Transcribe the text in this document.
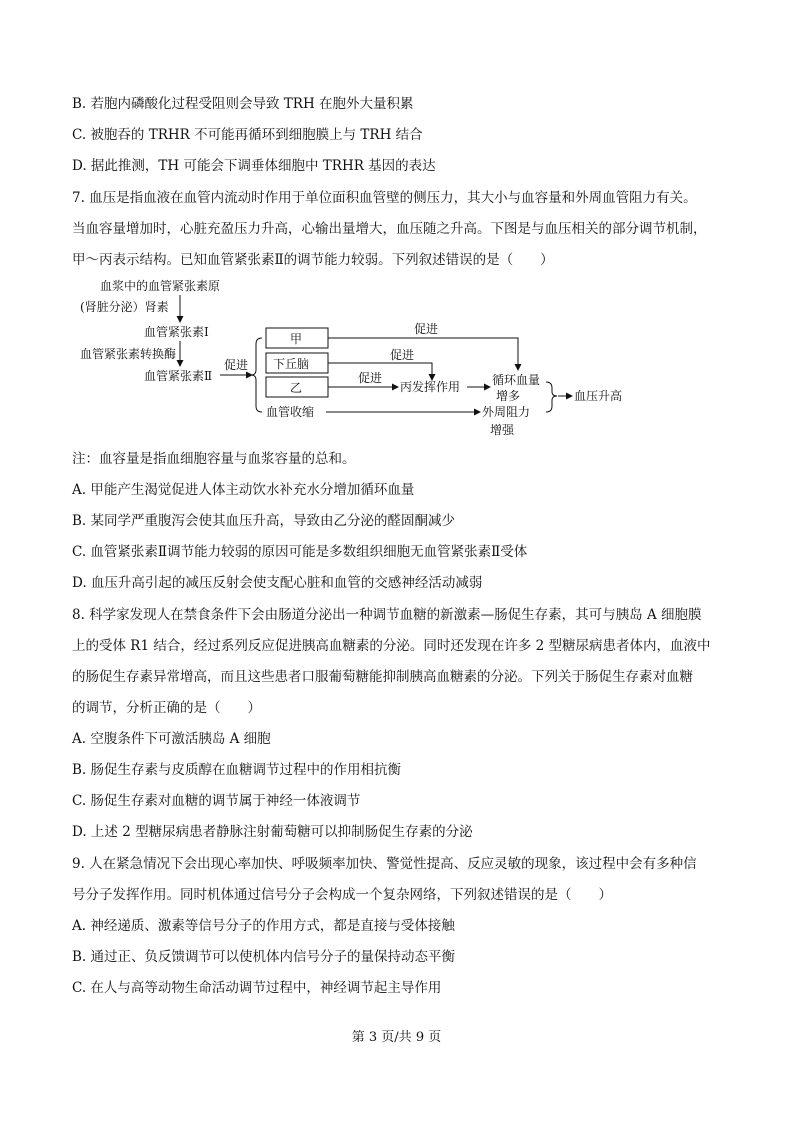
B. 若胞内磷酸化过程受阻则会导致 TRH 在胞外大量积累
C. 被胞吞的 TRHR 不可能再循环到细胞膜上与 TRH 结合
D. 据此推测，TH 可能会下调垂体细胞中 TRHR 基因的表达
7. 血压是指血液在血管内流动时作用于单位面积血管壁的侧压力，其大小与血容量和外周血管阻力有关。
当血容量增加时，心脏充盈压力升高，心输出量增大，血压随之升高。下图是与血压相关的部分调节机制，
甲～丙表示结构。已知血管紧张素Ⅱ的调节能力较弱。下列叙述错误的是（　　）
血浆中的血管紧张素原
(肾脏分泌）肾素
血管紧张素Ⅰ
血管紧张素转换酶
血管紧张素Ⅱ
促进
甲
下丘脑
乙
血管收缩
促进
促进
促进
丙发挥作用	循环血量
增多
外周阻力
增强
血压升高
注：血容量是指血细胞容量与血浆容量的总和。
A. 甲能产生渴觉促进人体主动饮水补充水分增加循环血量
B. 某同学严重腹泻会使其血压升高，导致由乙分泌的醛固酮减少
C. 血管紧张素Ⅱ调节能力较弱的原因可能是多数组织细胞无血管紧张素Ⅱ受体
D. 血压升高引起的减压反射会使支配心脏和血管的交感神经活动减弱
8. 科学家发现人在禁食条件下会由肠道分泌出一种调节血糖的新激素—肠促生存素，其可与胰岛 A 细胞膜
上的受体 R1 结合，经过系列反应促进胰高血糖素的分泌。同时还发现在许多 2 型糖尿病患者体内，血液中
的肠促生存素异常增高，而且这些患者口服葡萄糖能抑制胰高血糖素的分泌。下列关于肠促生存素对血糖
的调节，分析正确的是（　　）
A. 空腹条件下可激活胰岛 A 细胞
B. 肠促生存素与皮质醇在血糖调节过程中的作用相抗衡
C. 肠促生存素对血糖的调节属于神经一体液调节
D. 上述 2 型糖尿病患者静脉注射葡萄糖可以抑制肠促生存素的分泌
9. 人在紧急情况下会出现心率加快、呼吸频率加快、警觉性提高、反应灵敏的现象，该过程中会有多种信
号分子发挥作用。同时机体通过信号分子会构成一个复杂网络，下列叙述错误的是（　　）
A. 神经递质、激素等信号分子的作用方式，都是直接与受体接触
B. 通过正、负反馈调节可以使机体内信号分子的量保持动态平衡
C. 在人与高等动物生命活动调节过程中，神经调节起主导作用
第 3 页/共 9 页
